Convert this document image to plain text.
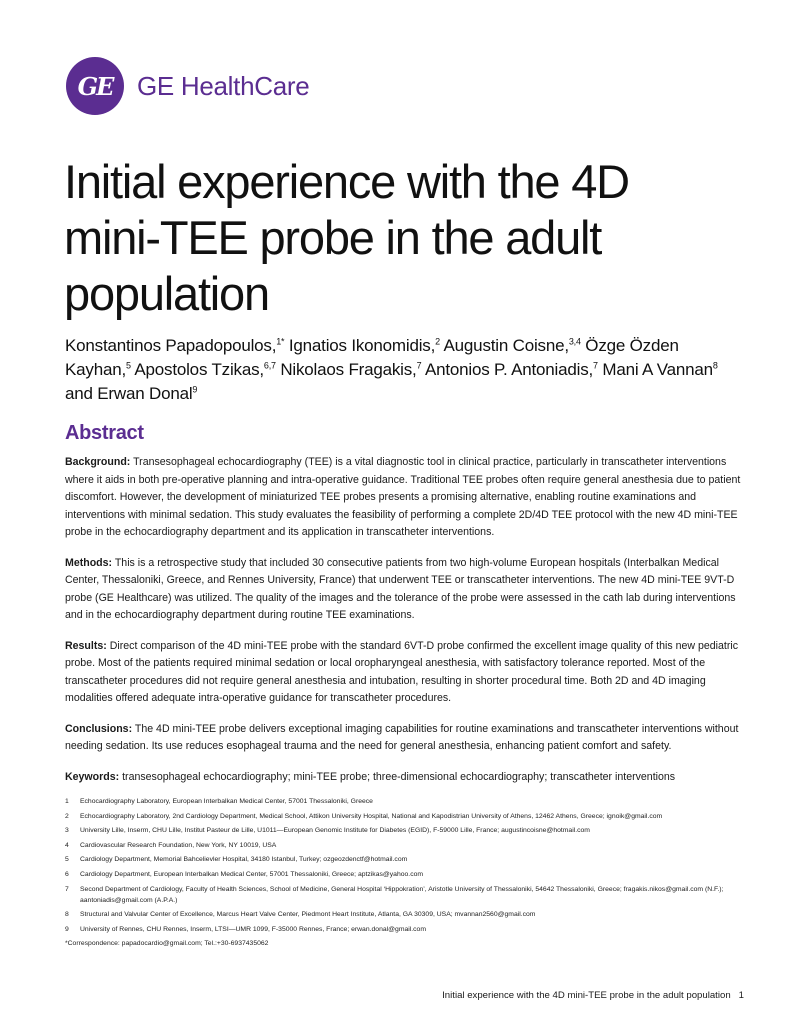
GE GE HealthCare
Initial experience with the 4D mini-TEE probe in the adult population

Konstantinos Papadopoulos,$^{1*}$ Ignatios Ikonomidis,$^2$ Augustin Coisne,$^{3,4}$ Özge Özden Kayhan,$^5$ Apostolos Tzikas,$^{6,7}$ Nikolaos Fragakis,$^7$ Antonios P. Antoniadis,$^7$ Mani A Vannan$^8$ and Erwan Donal$^9$

Abstract

Background: Transesophageal echocardiography (TEE) is a vital diagnostic tool in clinical practice, particularly in transcatheter interventions where it aids in both pre-operative planning and intra-operative guidance. Traditional TEE probes often require general anesthesia due to patient discomfort. However, the development of miniaturized TEE probes presents a promising alternative, enabling routine examinations and interventions with minimal sedation. This study evaluates the feasibility of performing a complete 2D/4D TEE protocol with the new 4D mini-TEE probe in the echocardiography department and its application in transcatheter interventions.

Methods: This is a retrospective study that included 30 consecutive patients from two high-volume European hospitals (Interbalkan Medical Center, Thessaloniki, Greece, and Rennes University, France) that underwent TEE or transcatheter interventions. The new 4D mini-TEE 9VT-D probe (GE Healthcare) was utilized. The quality of the images and the tolerance of the probe were assessed in the cath lab during interventions and in the echocardiography department during routine TEE examinations.

Results: Direct comparison of the 4D mini-TEE probe with the standard 6VT-D probe confirmed the excellent image quality of this new pediatric probe. Most of the patients required minimal sedation or local oropharyngeal anesthesia, with satisfactory tolerance reported. Most of the transcatheter procedures did not require general anesthesia and intubation, resulting in shorter procedural time. Both 2D and 4D imaging modalities offered adequate intra-operative guidance for transcatheter procedures.

Conclusions: The 4D mini-TEE probe delivers exceptional imaging capabilities for routine examinations and transcatheter interventions without needing sedation. Its use reduces esophageal trauma and the need for general anesthesia, enhancing patient comfort and safety.

Keywords: transesophageal echocardiography; mini-TEE probe; three-dimensional echocardiography; transcatheter interventions

1	Echocardiography Laboratory, European Interbalkan Medical Center, 57001 Thessaloniki, Greece
2	Echocardiography Laboratory, 2nd Cardiology Department, Medical School, Attikon University Hospital, National and Kapodistrian University of Athens, 12462 Athens, Greece; ignoik@gmail.com
3	University Lille, Inserm, CHU Lille, Institut Pasteur de Lille, U1011—European Genomic Institute for Diabetes (EGID), F-59000 Lille, France; augustincoisne@hotmail.com
4	Cardiovascular Research Foundation, New York, NY 10019, USA
5	Cardiology Department, Memorial Bahcelievler Hospital, 34180 Istanbul, Turkey; ozgeozdenctf@hotmail.com
6	Cardiology Department, European Interbalkan Medical Center, 57001 Thessaloniki, Greece; aptzikas@yahoo.com
7	Second Department of Cardiology, Faculty of Health Sciences, School of Medicine, General Hospital ‘Hippokration’, Aristotle University of Thessaloniki, 54642 Thessaloniki, Greece; fragakis.nikos@gmail.com (N.F.); aantoniadis@gmail.com (A.P.A.)
8	Structural and Valvular Center of Excellence, Marcus Heart Valve Center, Piedmont Heart Institute, Atlanta, GA 30309, USA; mvannan2560@gmail.com
9	University of Rennes, CHU Rennes, Inserm, LTSI—UMR 1099, F-35000 Rennes, France; erwan.donal@gmail.com
*Correspondence: papadocardio@gmail.com; Tel.:+30-6937435062
Initial experience with the 4D mini-TEE probe in the adult population 1
